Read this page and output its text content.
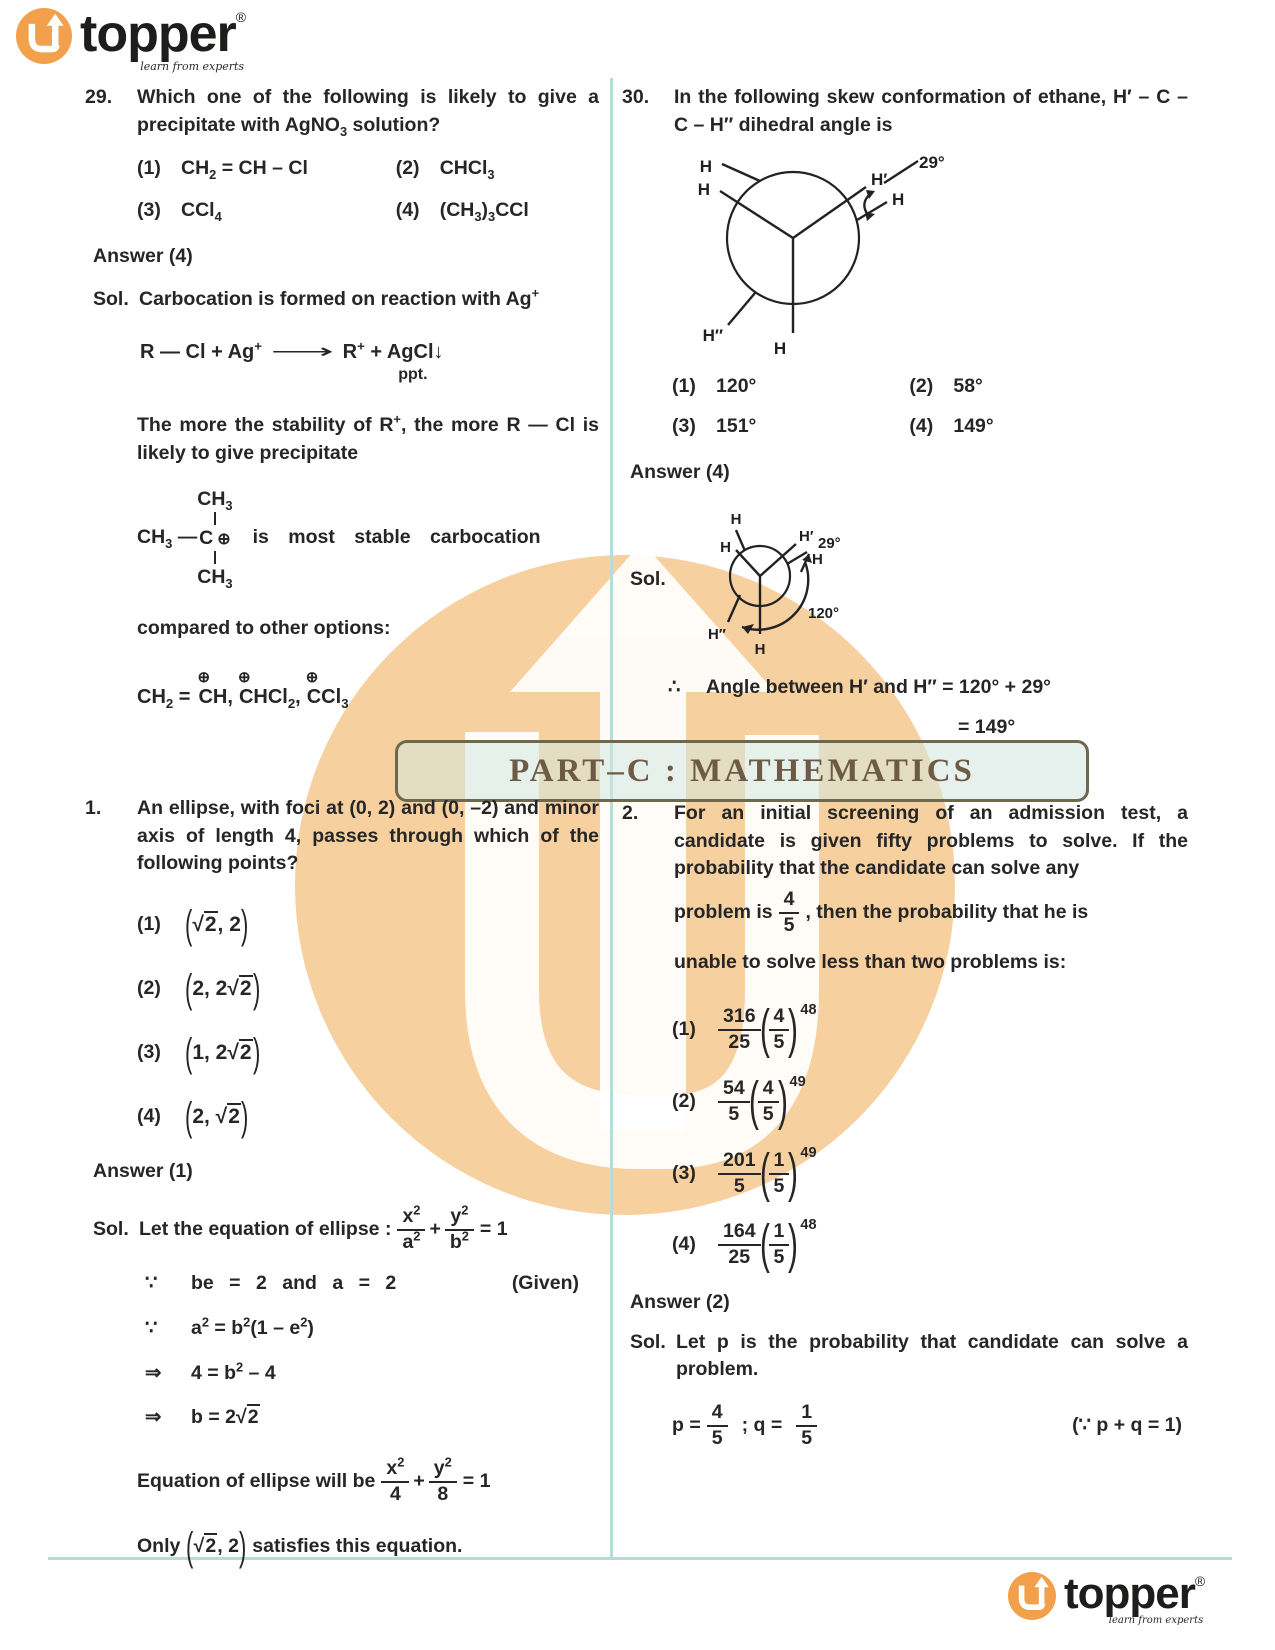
topper®
learn from experts
topper®
learn from experts
PART–C : MATHEMATICS
29.	Which one of the following is likely to give a precipitate with AgNO$_3$ solution?
(1)	$CH_2$ = CH – Cl	(2)	CHCl$_3$
(3)	CCl$_4$	(4)	$(CH_3)_3CCl$
Answer (4)
Sol. Carbocation is formed on reaction with Ag+
R — Cl + Ag+ ⟶ R+ + AgCl↓
ppt.
The more the stability of R+, the more R — Cl is likely to give precipitate
$CH_3$ —
$CH_3$
C ⊕
$CH_3$
is most stable carbocation
compared to other options:
$CH_2$ =
⊕
CH ,
⊕
CHCl$_2$ ,
⊕
CCl$_3$
30.	In the following skew conformation of ethane, H′ – C – C – H″ dihedral angle is
H
H
H′
29°
H
H″
H
(1)	120°	(2)	58°
(3)	151°	(4)	149°
Answer (4)
Sol.
H
H
H′ 29°
H
120°
H″
H
∴	Angle between H′ and H″ = 120° + 29°
= 149°
1.	An ellipse, with foci at (0, 2) and (0, –2) and minor axis of length 4, passes through which of the following points?
(1) ( √2, 2 )
(2) ( 2, 2√2 )
(3) ( 1, 2√2 )
(4) ( 2, √2 )
Answer (1)
Sol. Let the equation of ellipse : $\frac{x^2}{a^2} + \frac{y^2}{b^2} = 1$
∵	be = 2 and a = 2	(Given)
∵	$a^2 = b^2(1 - e^2)$
⇒	$4 = b^2 - 4$
⇒	b = 2√2
Equation of ellipse will be $\frac{x^2}{4} + \frac{y^2}{8} = 1$
Only ( √2, 2 ) satisfies this equation.
2.	For an initial screening of an admission test, a candidate is given fifty problems to solve. If the probability that the candidate can solve any
problem is $\frac{4}{5}$ , then the probability that he is
unable to solve less than two problems is:
(1)	$\frac{316}{25}$ ( $\frac{4}{5}$ ) 48
(2)	$\frac{54}{5}$ ( $\frac{4}{5}$ ) 49
(3)	$\frac{201}{5}$ ( $\frac{1}{5}$ ) 49
(4)	$\frac{164}{25}$ ( $\frac{1}{5}$ ) 48
Answer (2)
Sol. Let p is the probability that candidate can solve a problem.
$p = \frac{4}{5}$ ; $q = \frac{1}{5}$	(∵ p + q = 1)
